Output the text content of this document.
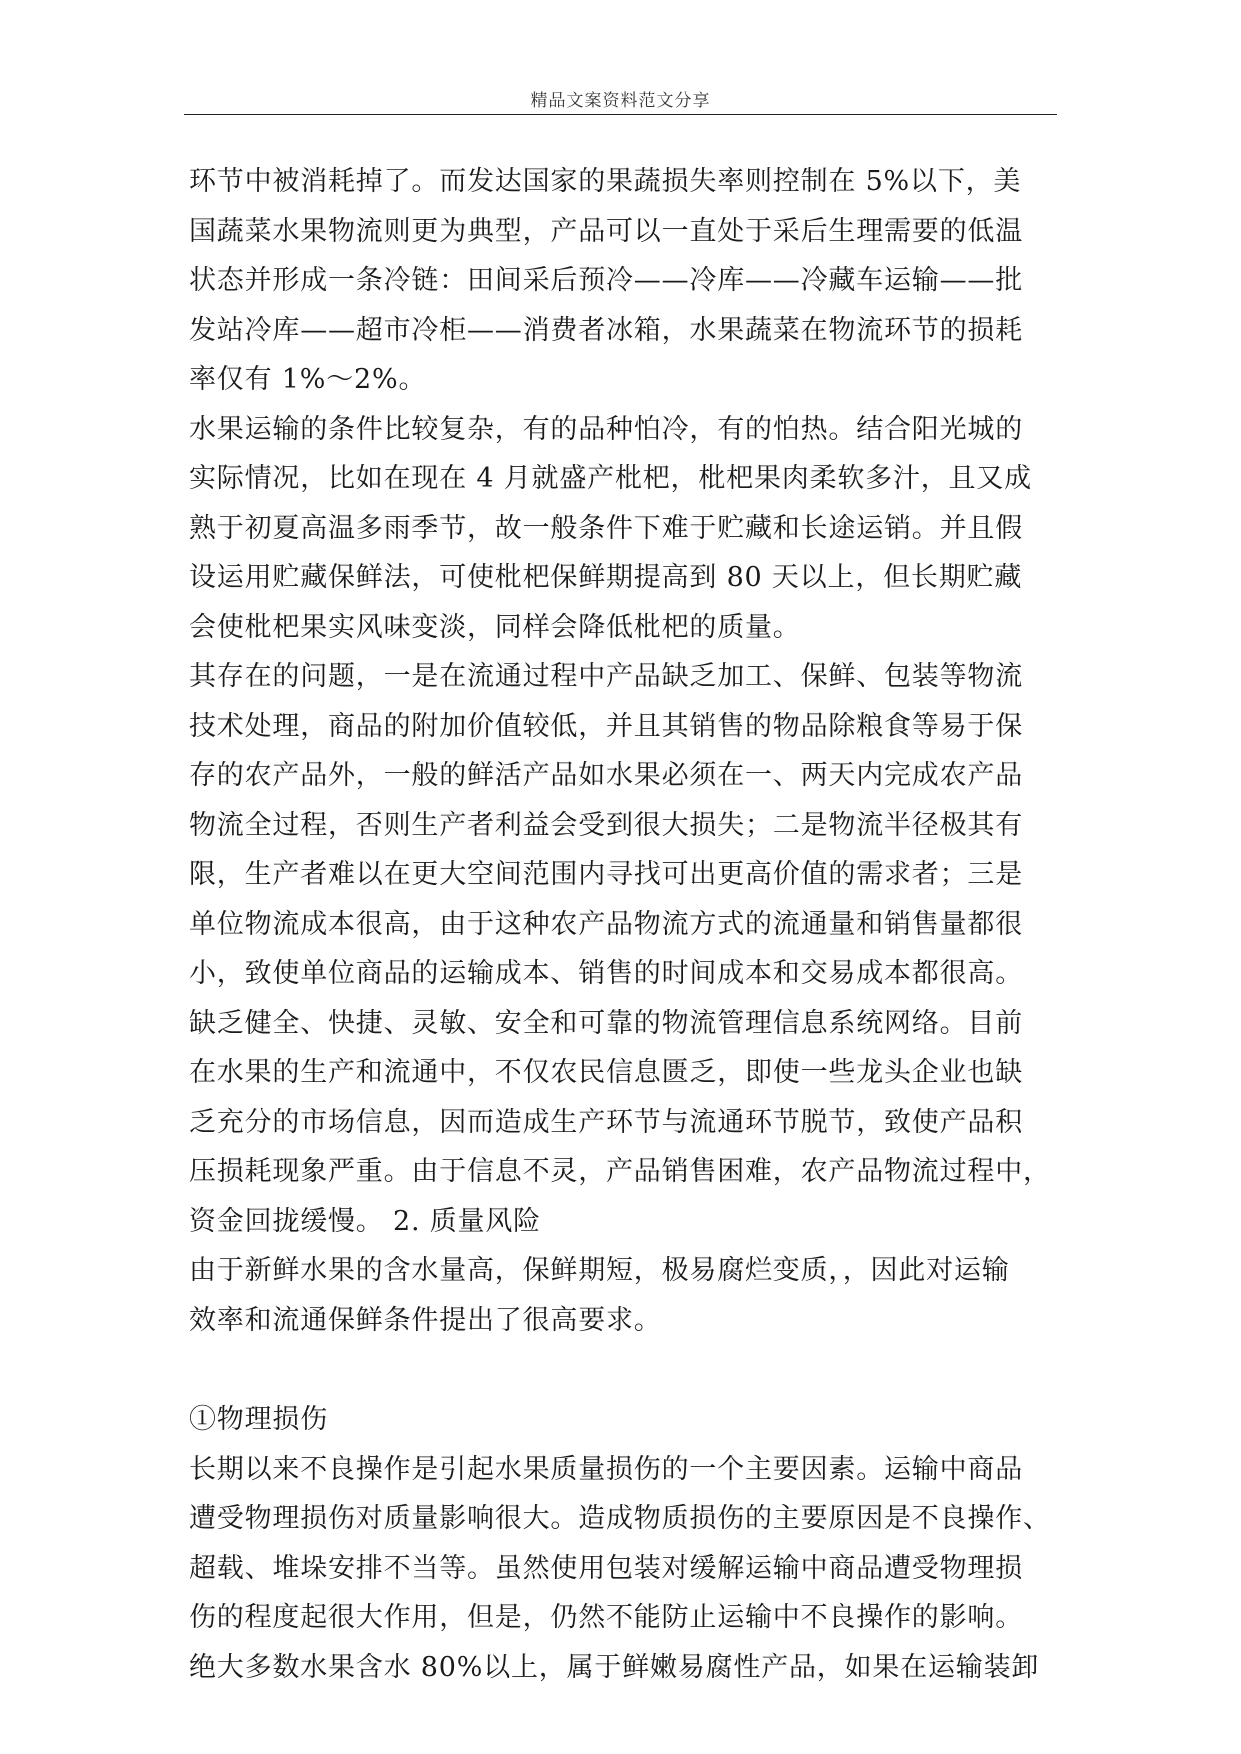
精品文案资料范文分享
环节中被消耗掉了。而发达国家的果蔬损失率则控制在 5%以下，美
国蔬菜水果物流则更为典型，产品可以一直处于采后生理需要的低温
状态并形成一条冷链：田间采后预冷——冷库——冷藏车运输——批
发站冷库——超市冷柜——消费者冰箱，水果蔬菜在物流环节的损耗
率仅有 1%～2%。
水果运输的条件比较复杂，有的品种怕冷，有的怕热。结合阳光城的
实际情况，比如在现在 4 月就盛产枇杷，枇杷果肉柔软多汁，且又成
熟于初夏高温多雨季节，故一般条件下难于贮藏和长途运销。并且假
设运用贮藏保鲜法，可使枇杷保鲜期提高到 80 天以上，但长期贮藏
会使枇杷果实风味变淡，同样会降低枇杷的质量。
其存在的问题，一是在流通过程中产品缺乏加工、保鲜、包装等物流
技术处理，商品的附加价值较低，并且其销售的物品除粮食等易于保
存的农产品外，一般的鲜活产品如水果必须在一、两天内完成农产品
物流全过程，否则生产者利益会受到很大损失；二是物流半径极其有
限，生产者难以在更大空间范围内寻找可出更高价值的需求者；三是
单位物流成本很高，由于这种农产品物流方式的流通量和销售量都很
小，致使单位商品的运输成本、销售的时间成本和交易成本都很高。
缺乏健全、快捷、灵敏、安全和可靠的物流管理信息系统网络。目前
在水果的生产和流通中，不仅农民信息匮乏，即使一些龙头企业也缺
乏充分的市场信息，因而造成生产环节与流通环节脱节，致使产品积
压损耗现象严重。由于信息不灵，产品销售困难，农产品物流过程中，
资金回拢缓慢。 2. 质量风险
由于新鲜水果的含水量高，保鲜期短，极易腐烂变质，，因此对运输
效率和流通保鲜条件提出了很高要求。
①物理损伤
长期以来不良操作是引起水果质量损伤的一个主要因素。运输中商品
遭受物理损伤对质量影响很大。造成物质损伤的主要原因是不良操作、
超载、堆垛安排不当等。虽然使用包装对缓解运输中商品遭受物理损
伤的程度起很大作用，但是，仍然不能防止运输中不良操作的影响。
绝大多数水果含水 80%以上，属于鲜嫩易腐性产品，如果在运输装卸
